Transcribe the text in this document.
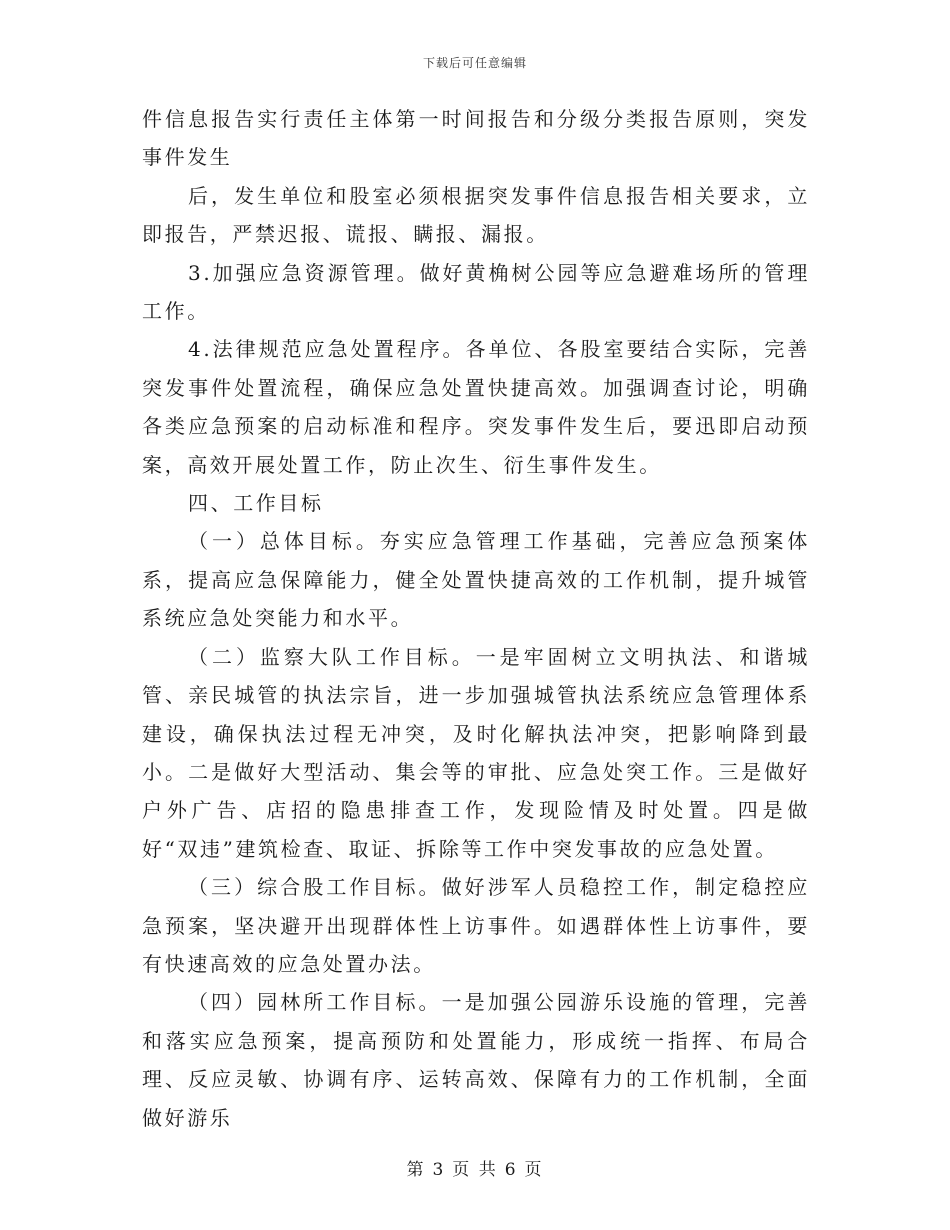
下载后可任意编辑

件信息报告实行责任主体第一时间报告和分级分类报告原则，突发事件发生

后，发生单位和股室必须根据突发事件信息报告相关要求，立即报告，严禁迟报、谎报、瞒报、漏报。

3.加强应急资源管理。做好黄桷树公园等应急避难场所的管理工作。

4.法律规范应急处置程序。各单位、各股室要结合实际，完善突发事件处置流程，确保应急处置快捷高效。加强调查讨论，明确各类应急预案的启动标准和程序。突发事件发生后，要迅即启动预案，高效开展处置工作，防止次生、衍生事件发生。

四、工作目标

（一）总体目标。夯实应急管理工作基础，完善应急预案体系，提高应急保障能力，健全处置快捷高效的工作机制，提升城管系统应急处突能力和水平。

（二）监察大队工作目标。一是牢固树立文明执法、和谐城管、亲民城管的执法宗旨，进一步加强城管执法系统应急管理体系建设，确保执法过程无冲突，及时化解执法冲突，把影响降到最小。二是做好大型活动、集会等的审批、应急处突工作。三是做好户外广告、店招的隐患排查工作，发现险情及时处置。四是做好“双违”建筑检查、取证、拆除等工作中突发事故的应急处置。

（三）综合股工作目标。做好涉军人员稳控工作，制定稳控应急预案，坚决避开出现群体性上访事件。如遇群体性上访事件，要有快速高效的应急处置办法。

（四）园林所工作目标。一是加强公园游乐设施的管理，完善和落实应急预案，提高预防和处置能力，形成统一指挥、布局合理、反应灵敏、协调有序、运转高效、保障有力的工作机制，全面做好游乐

第 3 页 共 6 页
